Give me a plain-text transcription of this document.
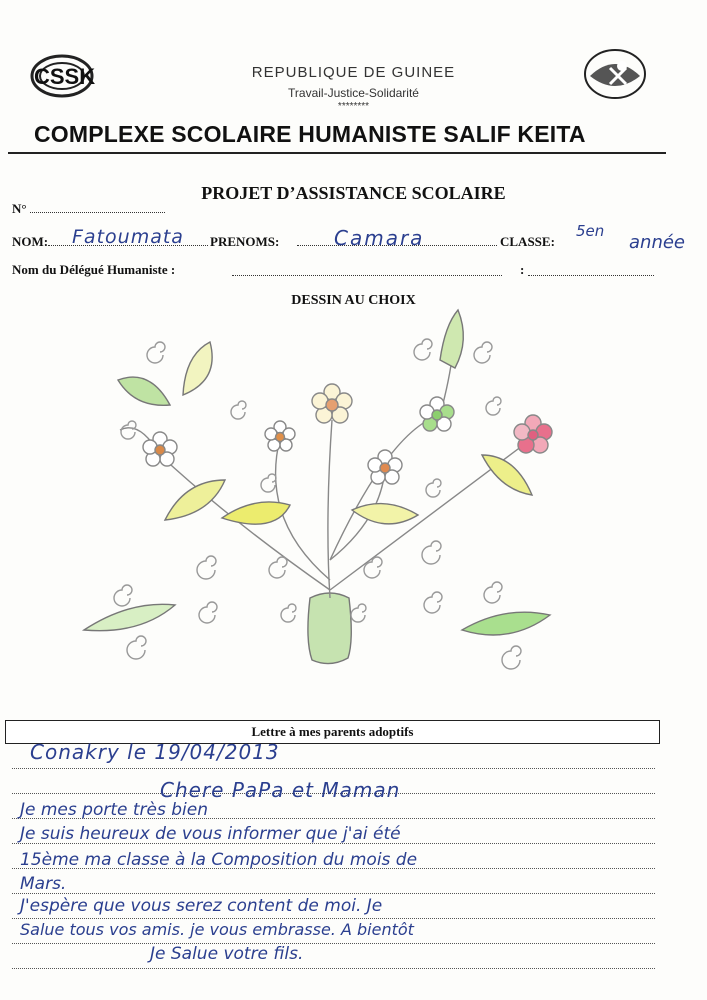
CSSK	REPUBLIQUE DE GUINEE
Travail-Justice-Solidarité
********
COMPLEXE SCOLAIRE HUMANISTE SALIF KEITA
PROJET D’ASSISTANCE SCOLAIRE
N°
NOM: Fatoumata PRENOMS:	Camara	CLASSE:
5en
année
Nom du Délégué Humaniste :	:
DESSIN AU CHOIX
Lettre à mes parents adoptifs
Conakry le 19/04/2013
Chere PaPa et Maman
Je mes porte très bien
Je suis heureux de vous informer que j'ai été
15ème ma classe à la Composition du mois de
Mars.
J'espère que vous serez content de moi. Je
Salue tous vos amis. je vous embrasse. A bientôt
Je Salue votre fils.
